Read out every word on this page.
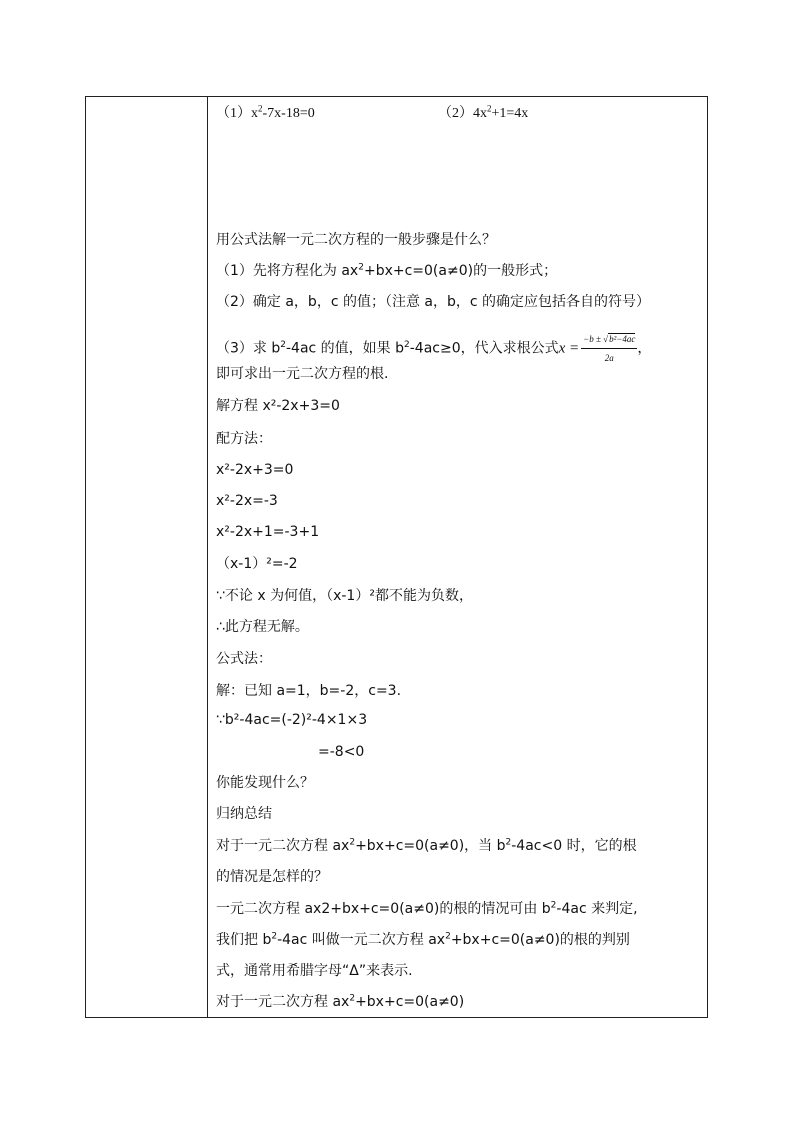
$(1)x^2-7x-18=0$	$(2)4x^2+1=4x$
用公式法解一元二次方程的一般步骤是什么？
（1）先将方程化为 $ax^2+bx+c=0(a\ne 0)$的一般形式；
（2）确定 a，b，c 的值；（注意 a，b，c 的确定应包括各自的符号）
（3）求 $b^2-4ac$ 的值，如果 $b^2-4ac\ge 0$，代入求根公式$x = \frac{\text{−b ± √b²−4ac}}{2a}$ ，
即可求出一元二次方程的根.
解方程 x²-2x+3=0
配方法：
x²-2x+3=0
x²-2x=-3
x²-2x+1=-3+1
（x-1）²=-2
∵不论 x 为何值，（x-1）²都不能为负数，
∴此方程无解。
公式法：
解：已知 a=1，b=-2，c=3.
∵b²-4ac=(-2)²-4×1×3
=-8<0
你能发现什么？
归纳总结
对于一元二次方程 $ax^2+bx+c=0(a\ne 0)$，当 $b^2-4ac<0$ 时，它的根
的情况是怎样的？
一元二次方程 ax2+bx+c=0(a≠0)的根的情况可由 $b^2-4ac$ 来判定,
我们把 $b^2-4ac$ 叫做一元二次方程 $ax^2+bx+c=0(a\ne 0)$的根的判别
式，通常用希腊字母“Δ”来表示.
对于一元二次方程 $ax^2+bx+c=0(a\ne 0)$
